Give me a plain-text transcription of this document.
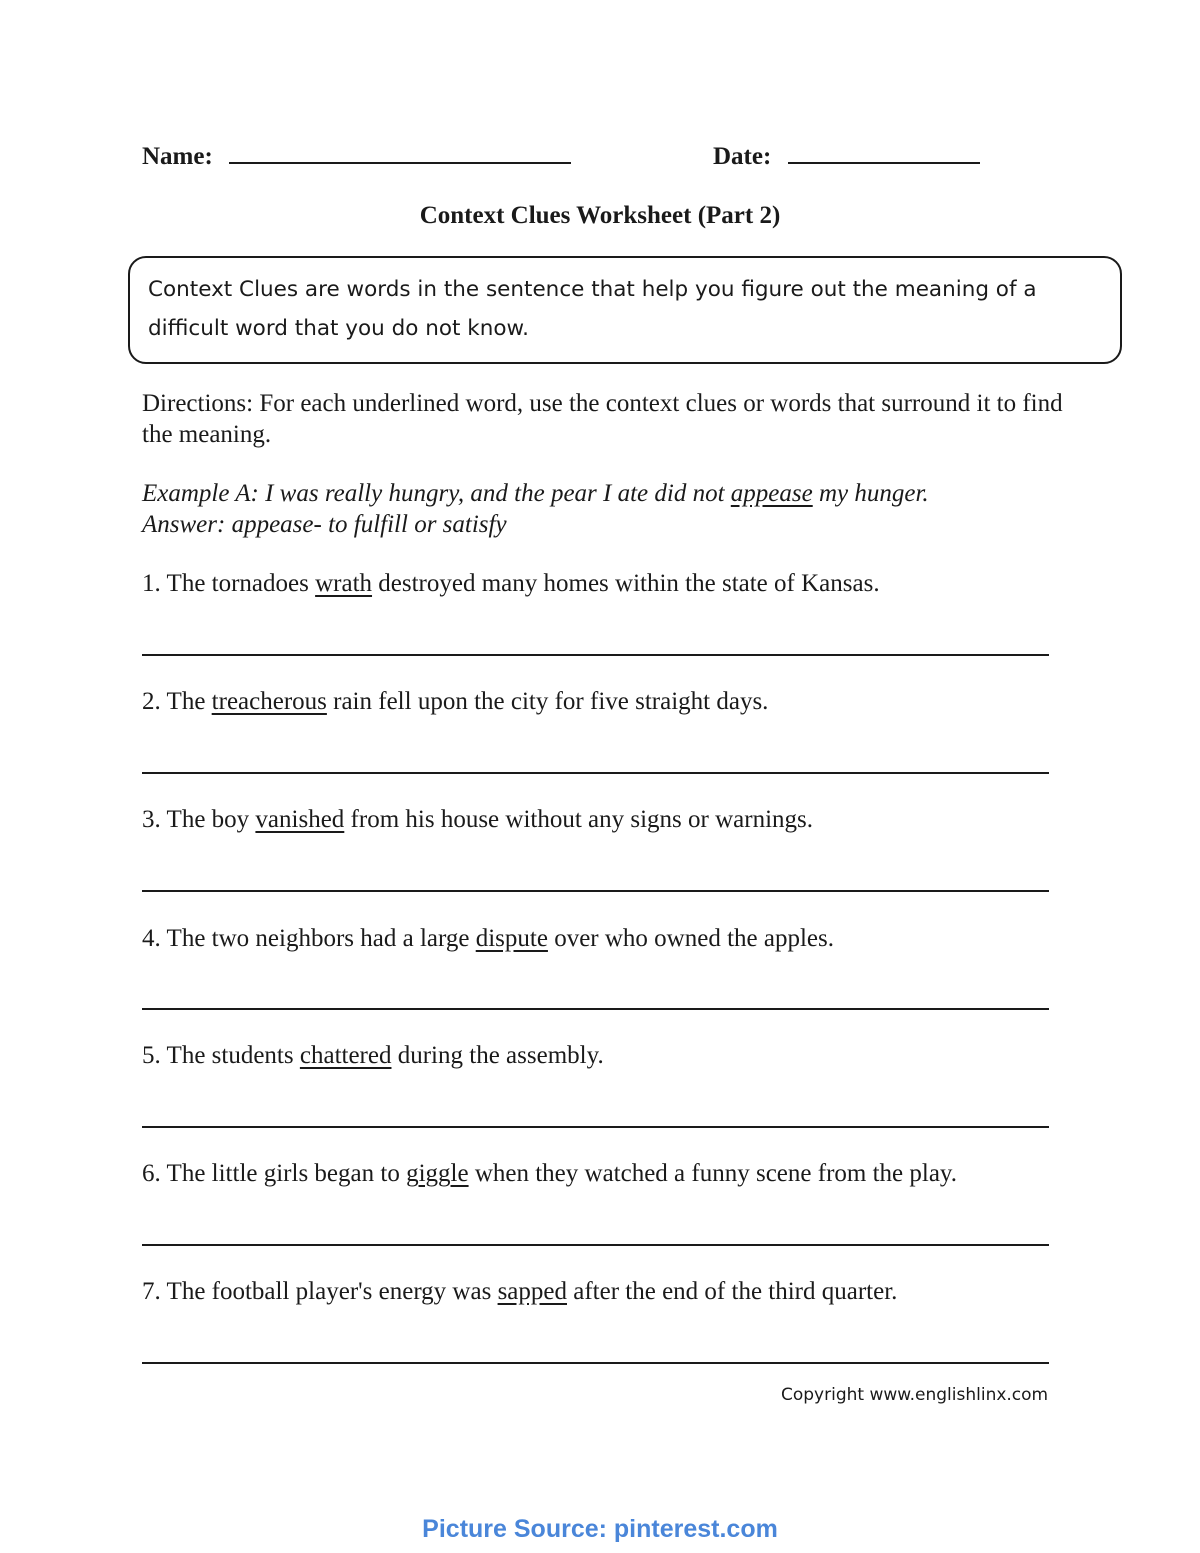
Name:	Date:
Context Clues Worksheet (Part 2)
Context Clues are words in the sentence that help you figure out the meaning of a difficult word that you do not know.
Directions: For each underlined word, use the context clues or words that surround it to find the meaning.
Example A: I was really hungry, and the pear I ate did not appease my hunger.
Answer: appease- to fulfill or satisfy
1. The tornadoes wrath destroyed many homes within the state of Kansas.
2. The treacherous rain fell upon the city for five straight days.
3. The boy vanished from his house without any signs or warnings.
4. The two neighbors had a large dispute over who owned the apples.
5. The students chattered during the assembly.
6. The little girls began to giggle when they watched a funny scene from the play.
7. The football player's energy was sapped after the end of the third quarter.
Copyright www.englishlinx.com
Picture Source: pinterest.com
